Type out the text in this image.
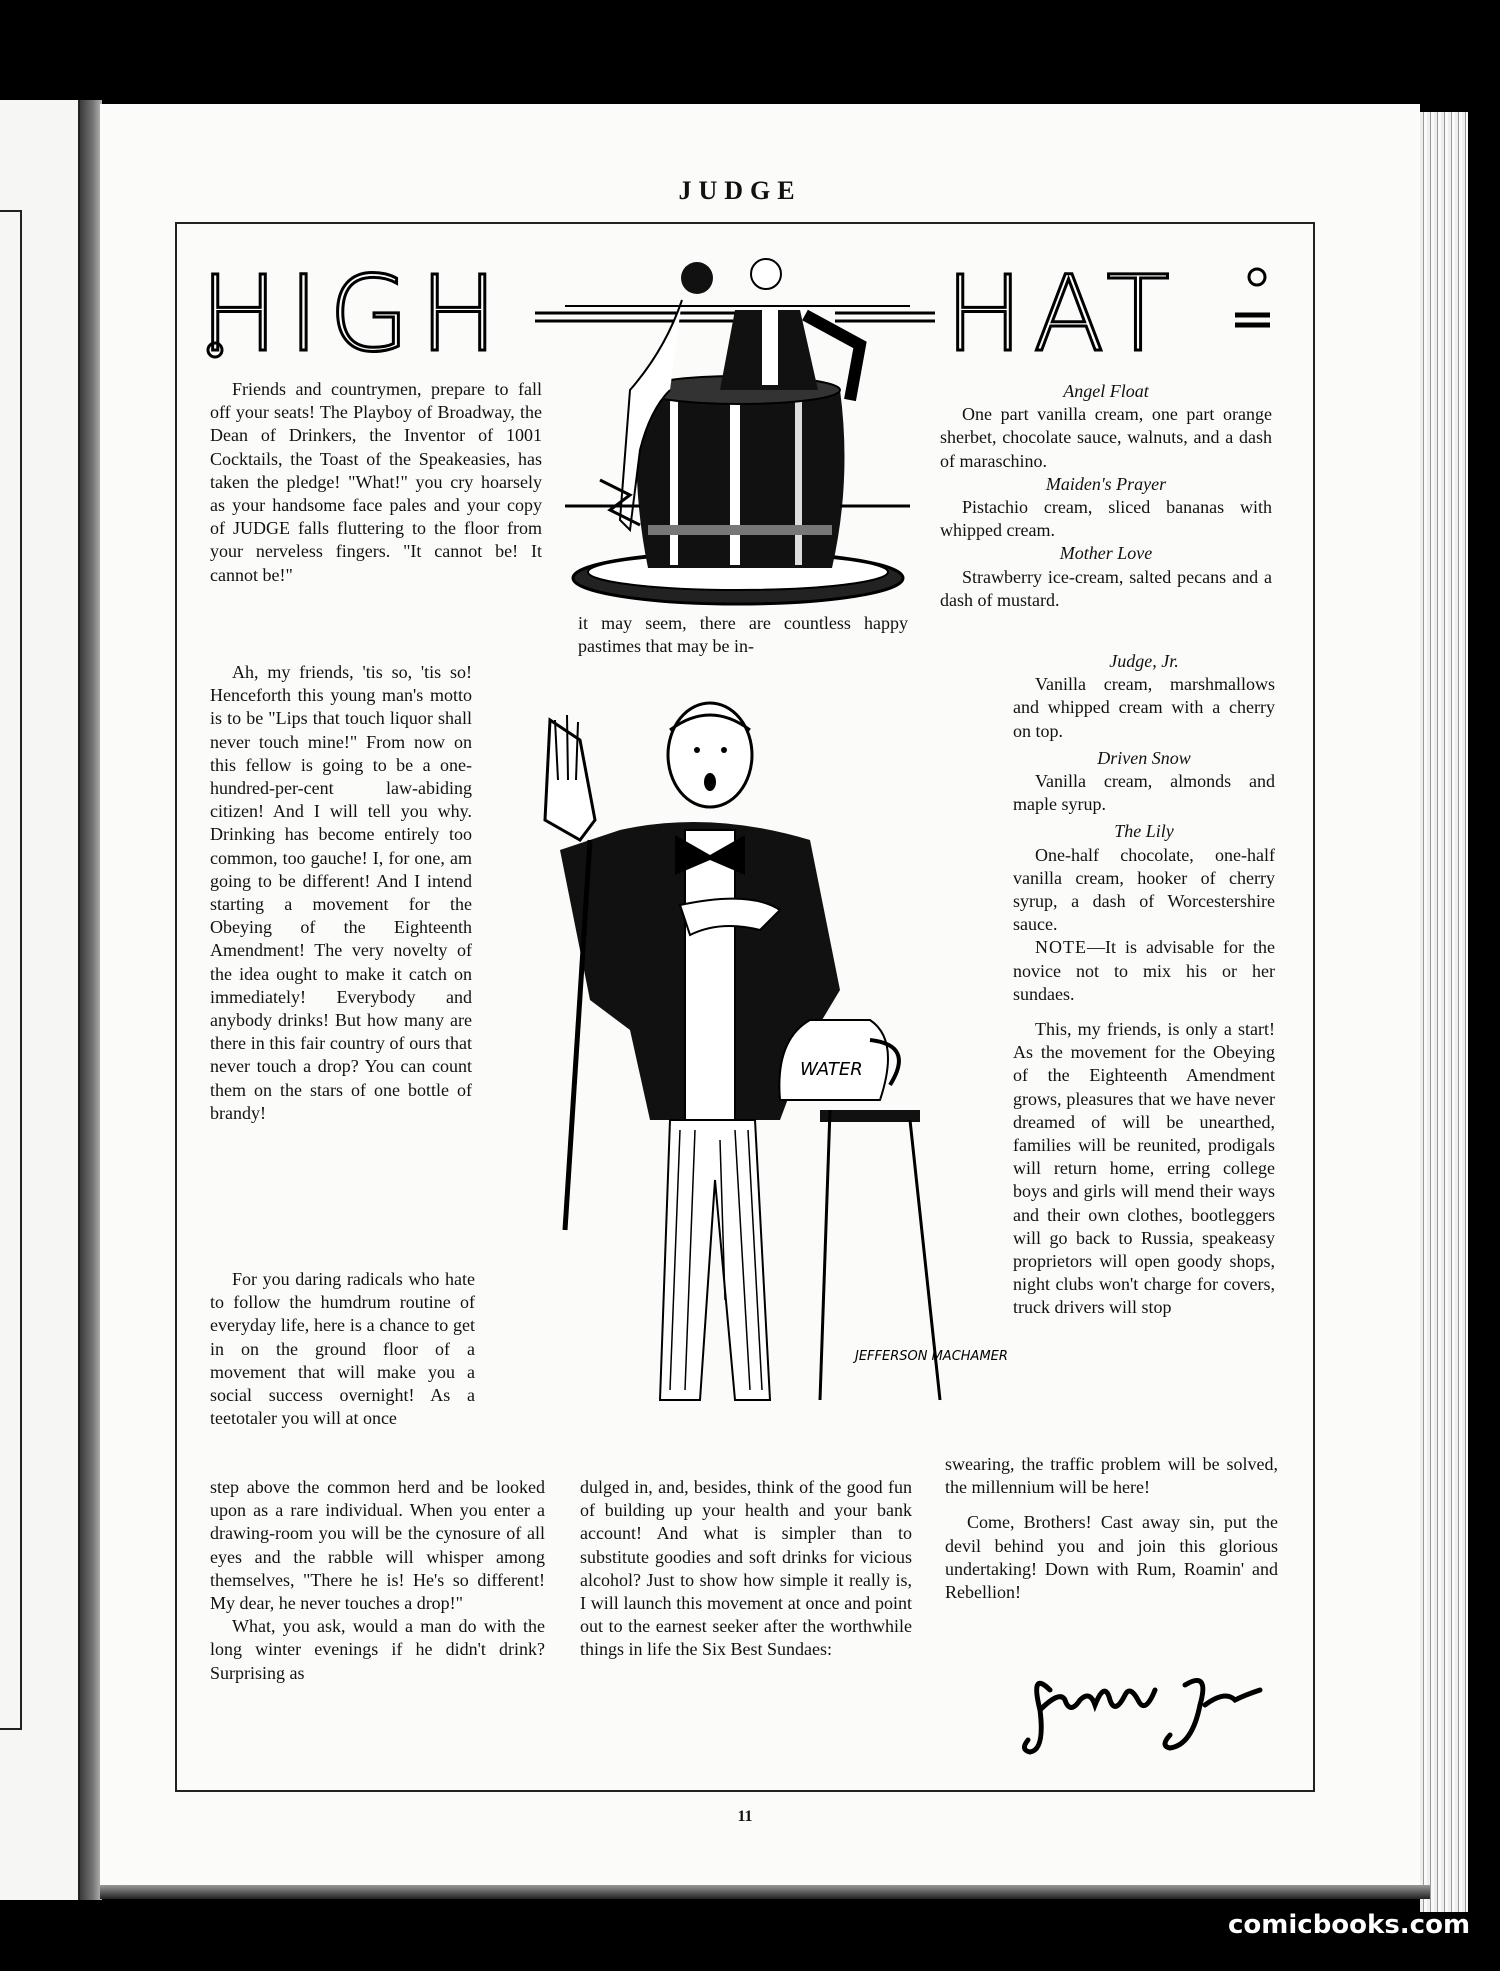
JUDGE
HIGH	HAT
WATER
JEFFERSON MACHAMER

Friends and countrymen, prepare to fall off your seats! The Playboy of Broadway, the Dean of Drinkers, the Inventor of 1001 Cocktails, the Toast of the Speakeasies, has taken the pledge! "What!" you cry hoarsely as your handsome face pales and your copy of JUDGE falls fluttering to the floor from your nerveless fingers. "It cannot be! It cannot be!"

Ah, my friends, 'tis so, 'tis so! Henceforth this young man's motto is to be "Lips that touch liquor shall never touch mine!" From now on this fellow is going to be a one-hundred-per-cent law-abiding citizen! And I will tell you why. Drinking has become entirely too common, too gauche! I, for one, am going to be different! And I intend starting a movement for the Obeying of the Eighteenth Amendment! The very novelty of the idea ought to make it catch on immediately! Everybody and anybody drinks! But how many are there in this fair country of ours that never touch a drop? You can count them on the stars of one bottle of brandy!

For you daring radicals who hate to follow the humdrum routine of everyday life, here is a chance to get in on the ground floor of a movement that will make you a social success overnight! As a teetotaler you will at once

step above the common herd and be looked upon as a rare individual. When you enter a drawing-room you will be the cynosure of all eyes and the rabble will whisper among themselves, "There he is! He's so different! My dear, he never touches a drop!"

What, you ask, would a man do with the long winter evenings if he didn't drink? Surprising as

it may seem, there are countless happy pastimes that may be in-

dulged in, and, besides, think of the good fun of building up your health and your bank account! And what is simpler than to substitute goodies and soft drinks for vicious alcohol? Just to show how simple it really is, I will launch this movement at once and point out to the earnest seeker after the worthwhile things in life the Six Best Sundaes:

Angel Float

One part vanilla cream, one part orange sherbet, chocolate sauce, walnuts, and a dash of maraschino.

Maiden's Prayer

Pistachio cream, sliced bananas with whipped cream.

Mother Love

Strawberry ice-cream, salted pecans and a dash of mustard.

Judge, Jr.

Vanilla cream, marshmallows and whipped cream with a cherry on top.

Driven Snow

Vanilla cream, almonds and maple syrup.

The Lily

One-half chocolate, one-half vanilla cream, hooker of cherry syrup, a dash of Worcestershire sauce.

NOTE—It is advisable for the novice not to mix his or her sundaes.

This, my friends, is only a start! As the movement for the Obeying of the Eighteenth Amendment grows, pleasures that we have never dreamed of will be unearthed, families will be reunited, prodigals will return home, erring college boys and girls will mend their ways and their own clothes, bootleggers will go back to Russia, speakeasy proprietors will open goody shops, night clubs won't charge for covers, truck drivers will stop

swearing, the traffic problem will be solved, the millennium will be here!

Come, Brothers! Cast away sin, put the devil behind you and join this glorious undertaking! Down with Rum, Roamin' and Rebellion!

11
comicbooks.com
